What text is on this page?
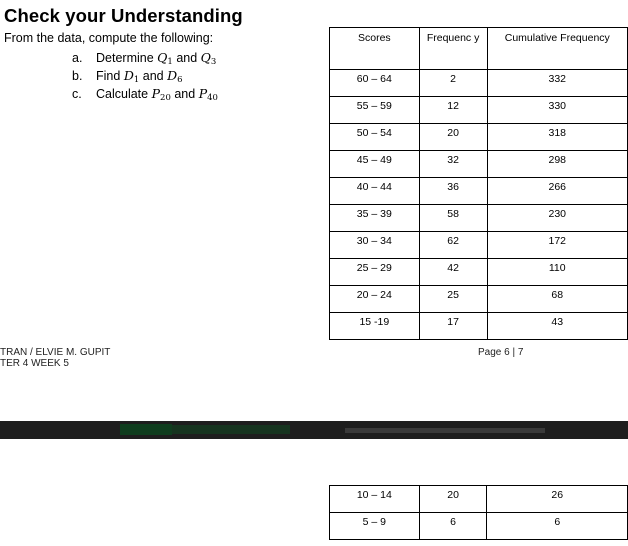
Check your Understanding
From the data, compute the following:
a. Determine $Q_1$ and $Q_3$
b. Find $D_1$ and $D_6$
c. Calculate $P_{20}$ and $P_{40}$
Scores	Frequenc y	Cumulative Frequency
60 – 64	2	332
55 – 59	12	330
50 – 54	20	318
45 – 49	32	298
40 – 44	36	266
35 – 39	58	230
30 – 34	62	172
25 – 29	42	110
20 – 24	25	68
15 -19	17	43
TRAN / ELVIE M. GUPIT
TER 4 WEEK 5
Page 6 | 7
10 – 14	20	26
5 – 9	6	6
